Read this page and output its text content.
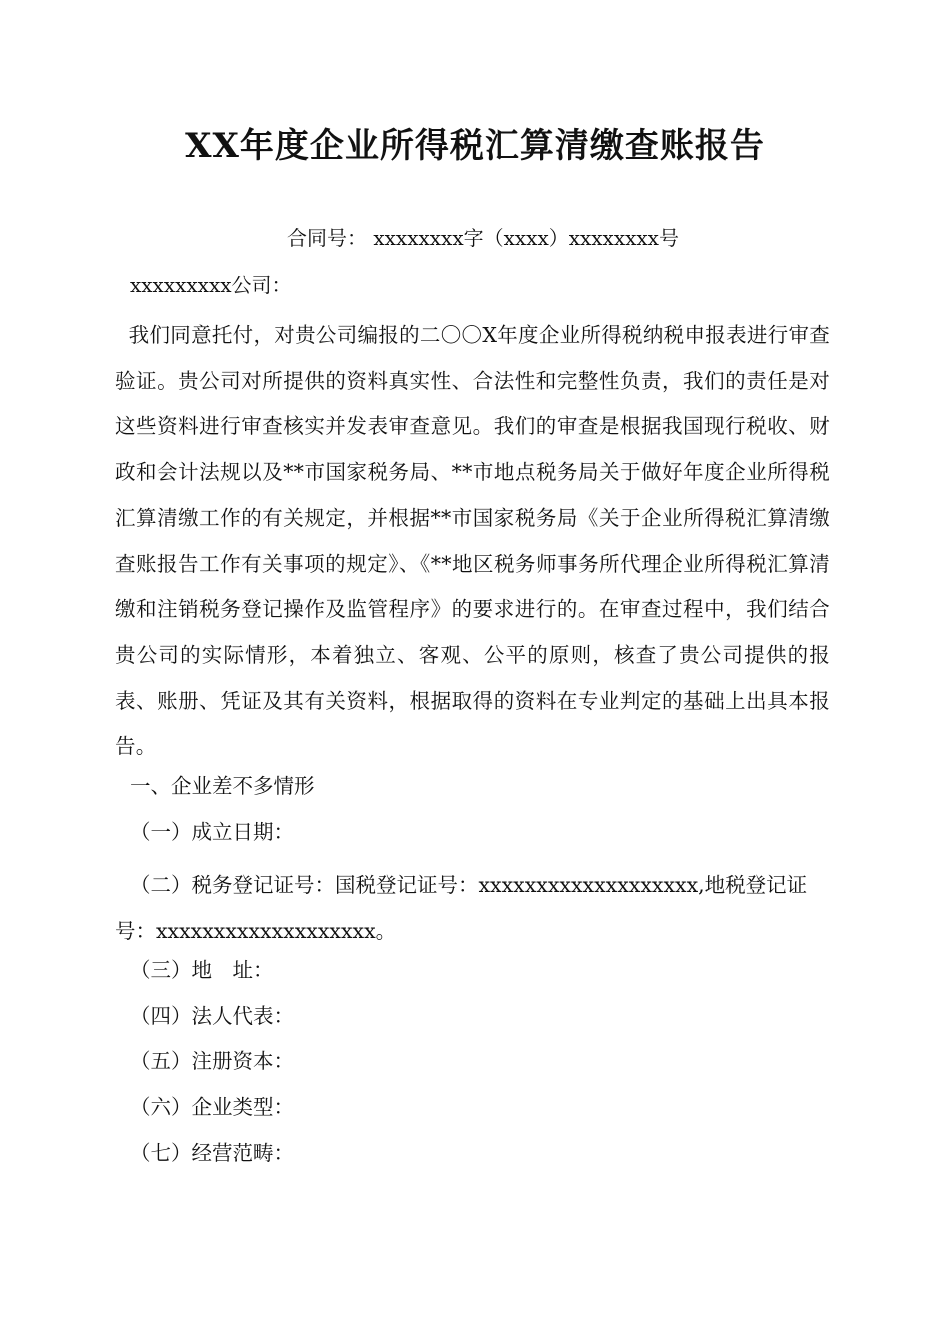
XX年度企业所得税汇算清缴查账报告
合同号： xxxxxxxx字（xxxx）xxxxxxxx号
xxxxxxxxx公司：
我们同意托付，对贵公司编报的二〇〇X年度企业所得税纳税申报表进行审查验证。贵公司对所提供的资料真实性、合法性和完整性负责，我们的责任是对这些资料进行审查核实并发表审查意见。我们的审查是根据我国现行税收、财政和会计法规以及**市国家税务局、**市地点税务局关于做好年度企业所得税汇算清缴工作的有关规定，并根据**市国家税务局《关于企业所得税汇算清缴查账报告工作有关事项的规定》、《**地区税务师事务所代理企业所得税汇算清缴和注销税务登记操作及监管程序》的要求进行的。在审查过程中，我们结合贵公司的实际情形，本着独立、客观、公平的原则，核查了贵公司提供的报表、账册、凭证及其有关资料，根据取得的资料在专业判定的基础上出具本报告。
一、企业差不多情形
（一）成立日期：
（二）税务登记证号：国税登记证号：xxxxxxxxxxxxxxxxxxx,地税登记证号：xxxxxxxxxxxxxxxxxxx。
（三）地　址：
（四）法人代表：
（五）注册资本：
（六）企业类型：
（七）经营范畴：
